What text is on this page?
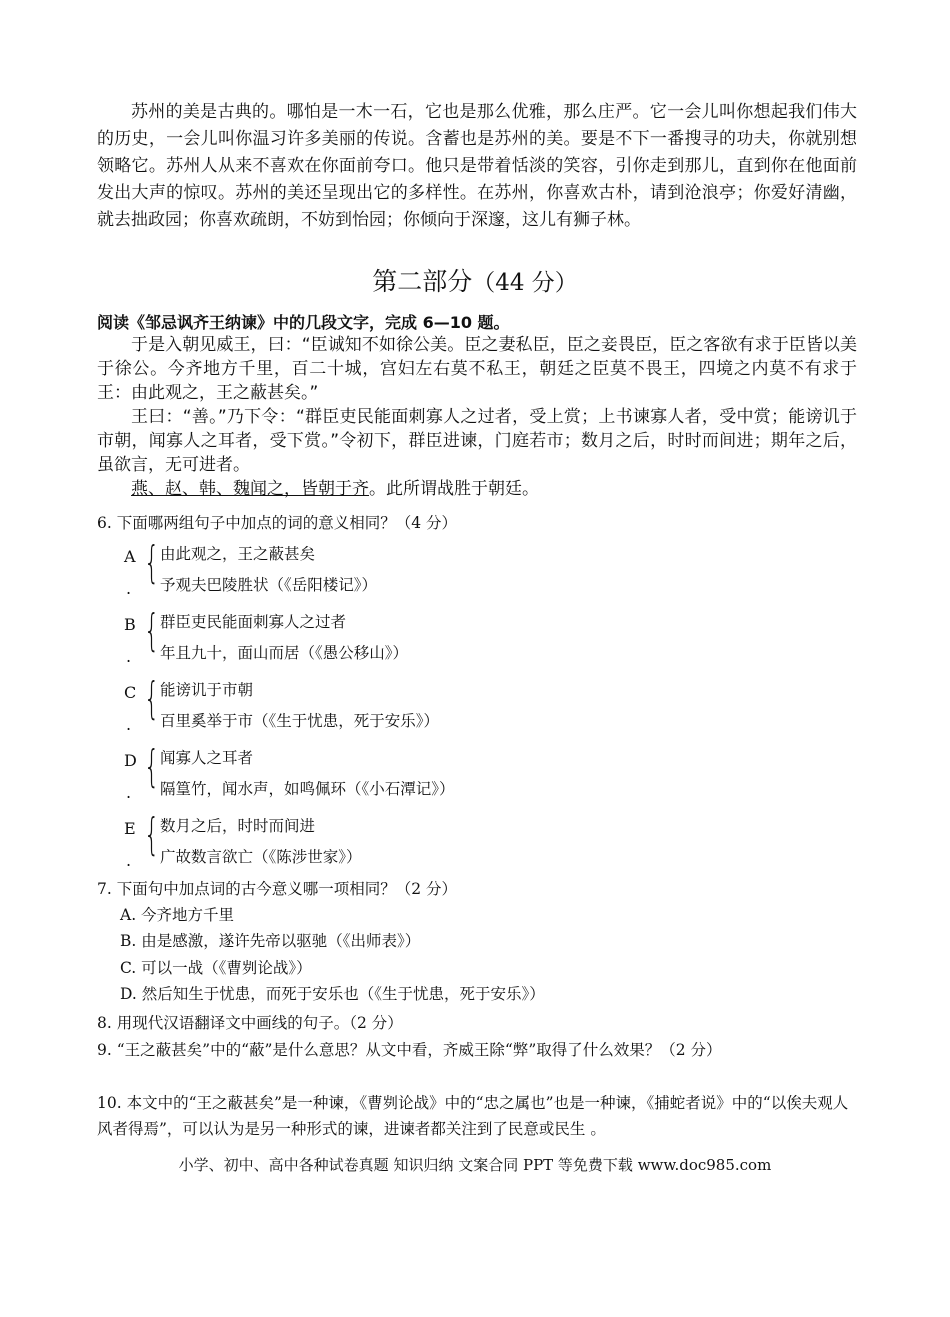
苏州的美是古典的。哪怕是一木一石，它也是那么优雅，那么庄严。它一会儿叫你想起我们伟大的历史，一会儿叫你温习许多美丽的传说。含蓄也是苏州的美。要是不下一番搜寻的功夫，你就别想领略它。苏州人从来不喜欢在你面前夸口。他只是带着恬淡的笑容，引你走到那儿，直到你在他面前发出大声的惊叹。苏州的美还呈现出它的多样性。在苏州，你喜欢古朴，请到沧浪亭；你爱好清幽，就去拙政园；你喜欢疏朗，不妨到怡园；你倾向于深邃，这儿有狮子林。
第二部分（44 分）
阅读《邹忌讽齐王纳谏》中的几段文字，完成 6—10 题。

于是入朝见威王，曰：“臣诚知不如徐公美。臣之妻私臣，臣之妾畏臣，臣之客欲有求于臣皆以美于徐公。今齐地方千里，百二十城，宫妇左右莫不私王，朝廷之臣莫不畏王，四境之内莫不有求于王：由此观之，王之蔽甚矣。”

王曰：“善。”乃下令：“群臣吏民能面刺寡人之过者，受上赏；上书谏寡人者，受中赏；能谤讥于市朝，闻寡人之耳者，受下赏。”令初下，群臣进谏，门庭若市；数月之后，时时而间进；期年之后，虽欲言，无可进者。

燕、赵、韩、魏闻之，皆朝于齐。此所谓战胜于朝廷。

6. 下面哪两组句子中加点的词的意义相同？（4 分）
A
.
{ 由此观之，王之蔽甚矣
予观夫巴陵胜状（《岳阳楼记》）
B
.
{ 群臣吏民能面刺寡人之过者
年且九十，面山而居（《愚公移山》）
C
.
{ 能谤讥于市朝
百里奚举于市（《生于忧患，死于安乐》）
D
.
{ 闻寡人之耳者
隔篁竹，闻水声，如鸣佩环（《小石潭记》）
E
.
{ 数月之后，时时而间进
广故数言欲亡（《陈涉世家》）
7. 下面句中加点词的古今意义哪一项相同？（2 分）
A. 今齐地方千里
B. 由是感激，遂许先帝以驱驰（《出师表》）
C. 可以一战（《曹刿论战》）
D. 然后知生于忧患，而死于安乐也（《生于忧患，死于安乐》）
8. 用现代汉语翻译文中画线的句子。（2 分）
9. “王之蔽甚矣”中的“蔽”是什么意思？从文中看，齐威王除“弊”取得了什么效果？（2 分）
10. 本文中的“王之蔽甚矣”是一种谏，《曹刿论战》中的“忠之属也”也是一种谏，《捕蛇者说》中的“以俟夫观人风者得焉”，可以认为是另一种形式的谏，进谏者都关注到了民意或民生 。
小学、初中、高中各种试卷真题 知识归纳 文案合同 PPT 等免费下载 www.doc985.com
